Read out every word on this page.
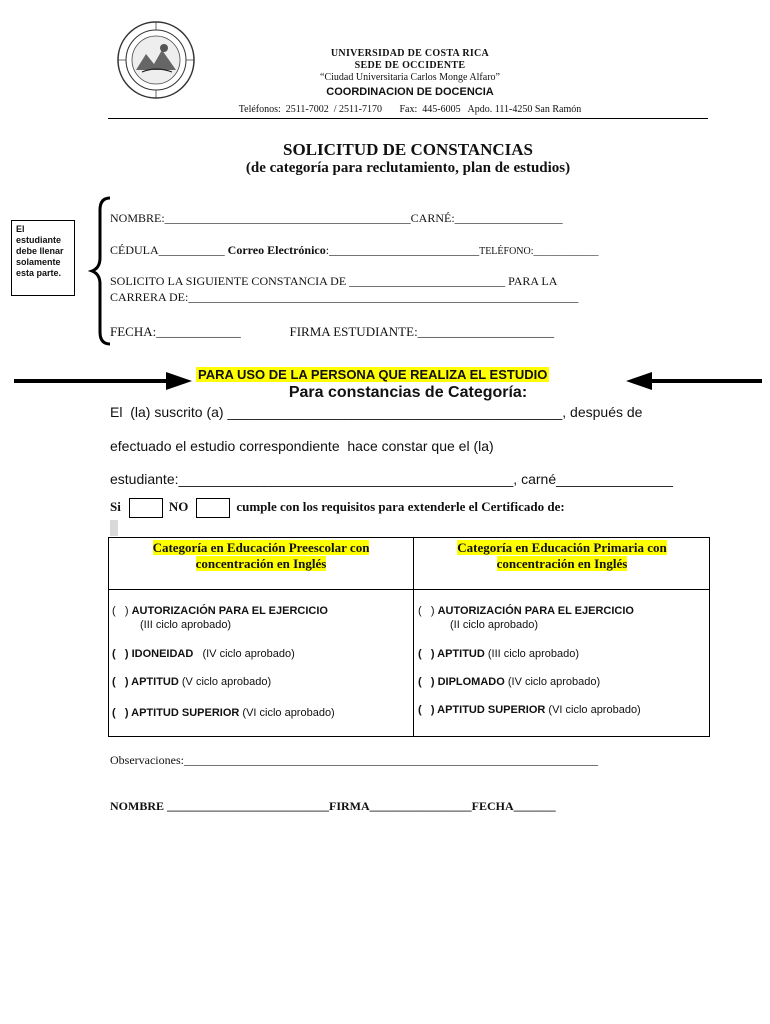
UNIVERSIDAD DE COSTA RICA
SEDE DE OCCIDENTE
“Ciudad Universitaria Carlos Monge Alfaro”
COORDINACION DE DOCENCIA
Teléfonos:  2511-7002  / 2511-7170       Fax:  445-6005   Apdo. 111-4250 San Ramón
SOLICITUD DE CONSTANCIAS
(de categoría para reclutamiento, plan de estudios)
El estudiante debe llenar solamente esta parte.
NOMBRE:_________________________________________CARNÉ:__________________
CÉDULA___________ Correo Electrónico:_________________________TELÉFONO:_____________
SOLICITO LA SIGUIENTE CONSTANCIA DE __________________________ PARA LA
CARRERA DE:_________________________________________________________________
FECHA:_____________               FIRMA ESTUDIANTE:_____________________
PARA USO DE LA PERSONA QUE REALIZA EL ESTUDIO
Para constancias de Categoría:
El  (la) suscrito (a) ___________________________________________, después de
efectuado el estudio correspondiente  hace constar que el (la)
estudiante:___________________________________________, carné_______________
Si	NO	cumple con los requisitos para extenderle el Certificado de:
Categoría en Educación Preescolar con
concentración en Inglés
Categoría en Educación Primaria con
concentración en Inglés
(   ) AUTORIZACIÓN PARA EL EJERCICIO
(III ciclo aprobado)
(   ) IDONEIDAD   (IV ciclo aprobado)
(   ) APTITUD (V ciclo aprobado)
(   ) APTITUD SUPERIOR (VI ciclo aprobado)
(   ) AUTORIZACIÓN PARA EL EJERCICIO
(II ciclo aprobado)
(   ) APTITUD (III ciclo aprobado)
(   ) DIPLOMADO (IV ciclo aprobado)
(   ) APTITUD SUPERIOR (VI ciclo aprobado)
Observaciones:_____________________________________________________________________
NOMBRE ___________________________FIRMA_________________FECHA_______
